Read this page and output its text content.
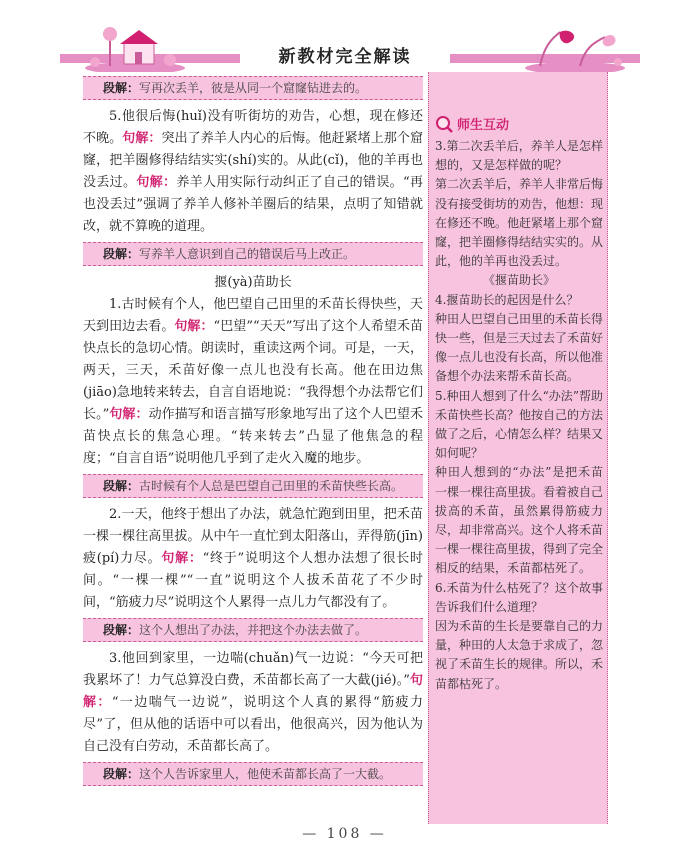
新教材完全解读
段解：写再次丢羊，彼是从同一个窟窿钻进去的。

5.他很后悔(huǐ)没有听街坊的劝告，心想，现在修还不晚。句解：突出了养羊人内心的后悔。他赶紧堵上那个窟窿，把羊圈修得结结实实(shí)实的。从此(cǐ)，他的羊再也没丢过。句解：养羊人用实际行动纠正了自己的错误。“再也没丢过”强调了养羊人修补羊圈后的结果，点明了知错就改，就不算晚的道理。

段解：写养羊人意识到自己的错误后马上改正。

揠(yà)苗助长

1.古时候有个人，他巴望自己田里的禾苗长得快些，天天到田边去看。句解：“巴望”“天天”写出了这个人希望禾苗快点长的急切心情。朗读时，重读这两个词。可是，一天，两天，三天，禾苗好像一点儿也没有长高。他在田边焦(jiāo)急地转来转去，自言自语地说：“我得想个办法帮它们长。”句解：动作描写和语言描写形象地写出了这个人巴望禾苗快点长的焦急心理。“转来转去”凸显了他焦急的程度；“自言自语”说明他几乎到了走火入魔的地步。

段解：古时候有个人总是巴望自己田里的禾苗快些长高。

2.一天，他终于想出了办法，就急忙跑到田里，把禾苗一棵一棵往高里拔。从中午一直忙到太阳落山，弄得筋(jīn)疲(pí)力尽。句解：“终于”说明这个人想办法想了很长时间。“一棵一棵”“一直”说明这个人拔禾苗花了不少时间，“筋疲力尽”说明这个人累得一点儿力气都没有了。

段解：这个人想出了办法，并把这个办法去做了。

3.他回到家里，一边喘(chuǎn)气一边说：“今天可把我累坏了！力气总算没白费，禾苗都长高了一大截(jié)。”句解：“一边喘气一边说”，说明这个人真的累得“筋疲力尽”了，但从他的话语中可以看出，他很高兴，因为他认为自己没有白劳动，禾苗都长高了。

段解：这个人告诉家里人，他使禾苗都长高了一大截。
师生互动

3.第二次丢羊后，养羊人是怎样想的，又是怎样做的呢？

第二次丢羊后，养羊人非常后悔没有接受街坊的劝告，他想：现在修还不晚。他赶紧堵上那个窟窿，把羊圈修得结结实实的。从此，他的羊再也没丢过。

《揠苗助长》

4.揠苗助长的起因是什么？

种田人巴望自己田里的禾苗长得快一些，但是三天过去了禾苗好像一点儿也没有长高，所以他准备想个办法来帮禾苗长高。

5.种田人想到了什么“办法”帮助禾苗快些长高？他按自己的方法做了之后，心情怎么样？结果又如何呢？

种田人想到的“办法”是把禾苗一棵一棵往高里拔。看着被自己拔高的禾苗，虽然累得筋疲力尽，却非常高兴。这个人将禾苗一棵一棵往高里拔，得到了完全相反的结果，禾苗都枯死了。

6.禾苗为什么枯死了？这个故事告诉我们什么道理？

因为禾苗的生长是要靠自己的力量，种田的人太急于求成了，忽视了禾苗生长的规律。所以，禾苗都枯死了。

— 108 —
